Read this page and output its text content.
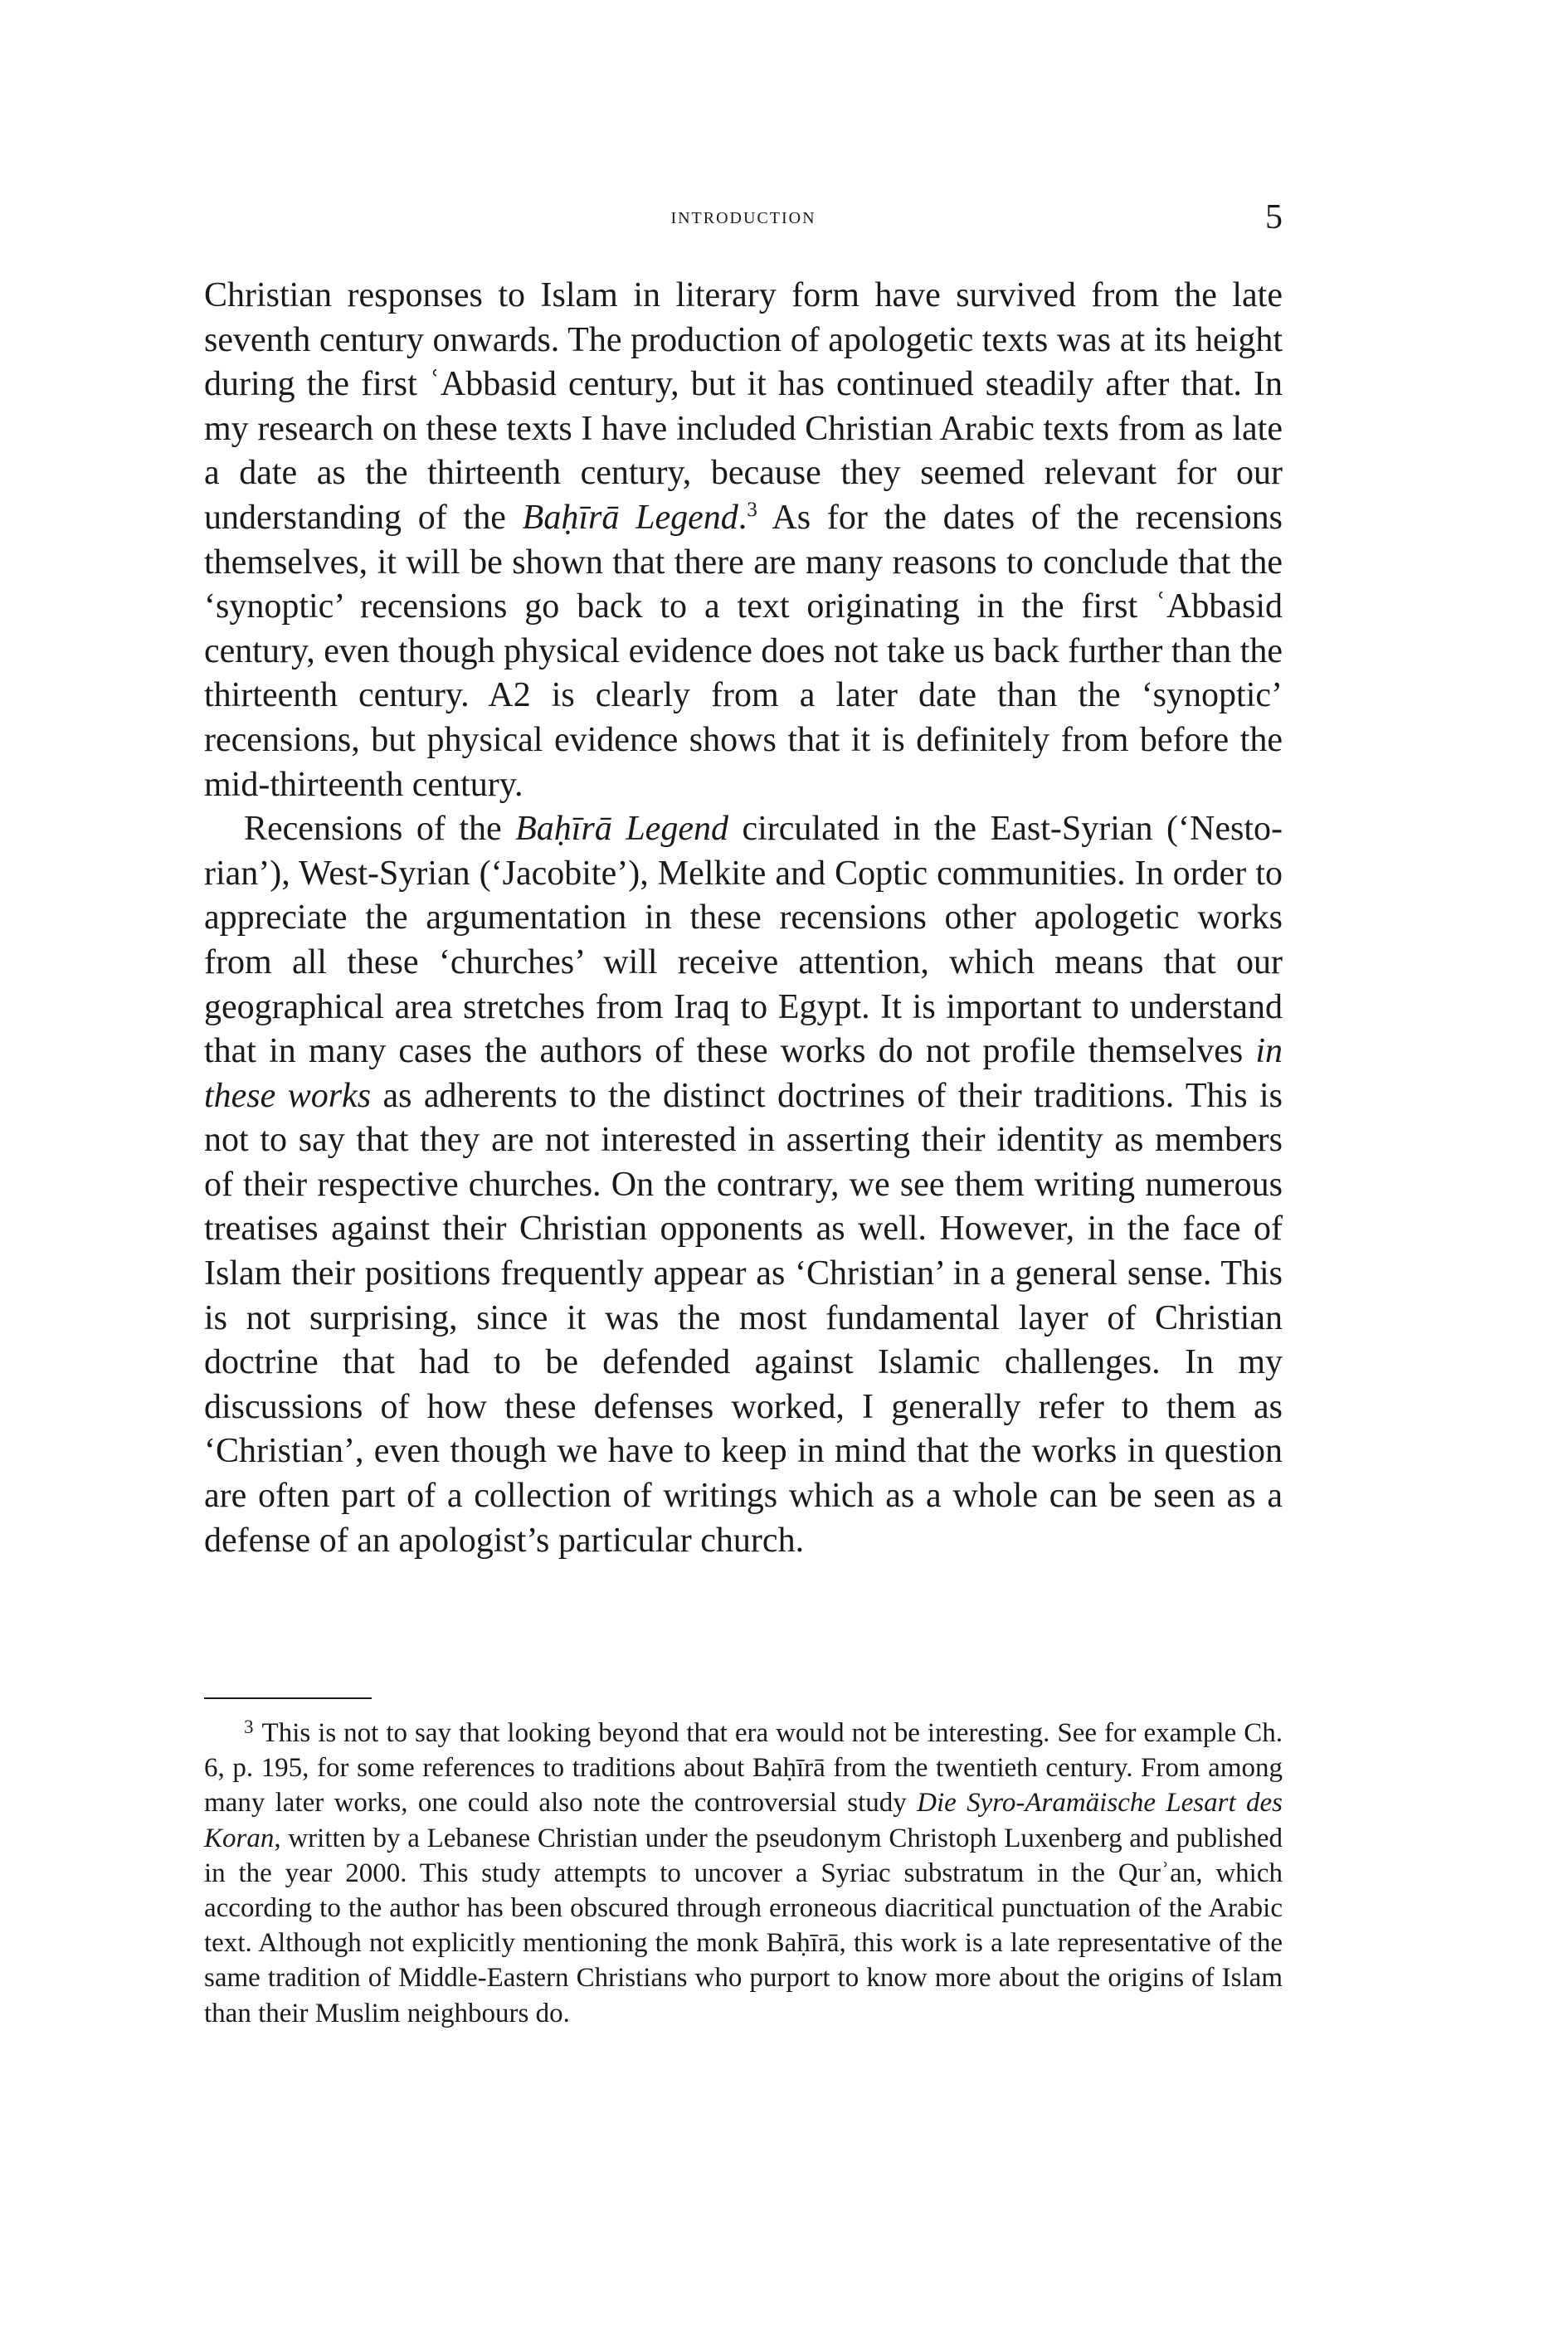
introduction	5

Christian responses to Islam in literary form have survived from the late seventh century onwards. The production of apologetic texts was at its height during the first ʿAbbasid century, but it has continued steadily after that. In my research on these texts I have included Christian Arabic texts from as late a date as the thirteenth century, because they seemed relevant for our understanding of the Baḥīrā Legend.$^3$ As for the dates of the recensions themselves, it will be shown that there are many reasons to conclude that the ‘synoptic’ recensions go back to a text originating in the first ʿAbbasid century, even though physical evidence does not take us back further than the thirteenth century. A2 is clearly from a later date than the ‘synoptic’ recensions, but physical evidence shows that it is definitely from before the mid-thirteenth century.

Recensions of the Baḥīrā Legend circulated in the East-Syrian (‘Nestorian’), West-Syrian (‘Jacobite’), Melkite and Coptic communities. In order to appreciate the argumentation in these recensions other apologetic works from all these ‘churches’ will receive attention, which means that our geographical area stretches from Iraq to Egypt. It is important to understand that in many cases the authors of these works do not profile themselves in these works as adherents to the distinct doctrines of their traditions. This is not to say that they are not interested in asserting their identity as members of their respective churches. On the contrary, we see them writing numerous treatises against their Christian opponents as well. However, in the face of Islam their positions frequently appear as ‘Christian’ in a general sense. This is not surprising, since it was the most fundamental layer of Christian doctrine that had to be defended against Islamic challenges. In my discussions of how these defenses worked, I generally refer to them as ‘Christian’, even though we have to keep in mind that the works in question are often part of a collection of writings which as a whole can be seen as a defense of an apologist’s particular church.

$^3$ This is not to say that looking beyond that era would not be interesting. See for example Ch. 6, p. 195, for some references to traditions about Baḥīrā from the twentieth century. From among many later works, one could also note the controversial study Die Syro-Aramäische Lesart des Koran, written by a Lebanese Christian under the pseudonym Christoph Luxenberg and published in the year 2000. This study attempts to uncover a Syriac substratum in the Qurʾan, which according to the author has been obscured through erroneous diacritical punctuation of the Arabic text. Although not explicitly mentioning the monk Baḥīrā, this work is a late representative of the same tradition of Middle-Eastern Christians who purport to know more about the origins of Islam than their Muslim neighbours do.
